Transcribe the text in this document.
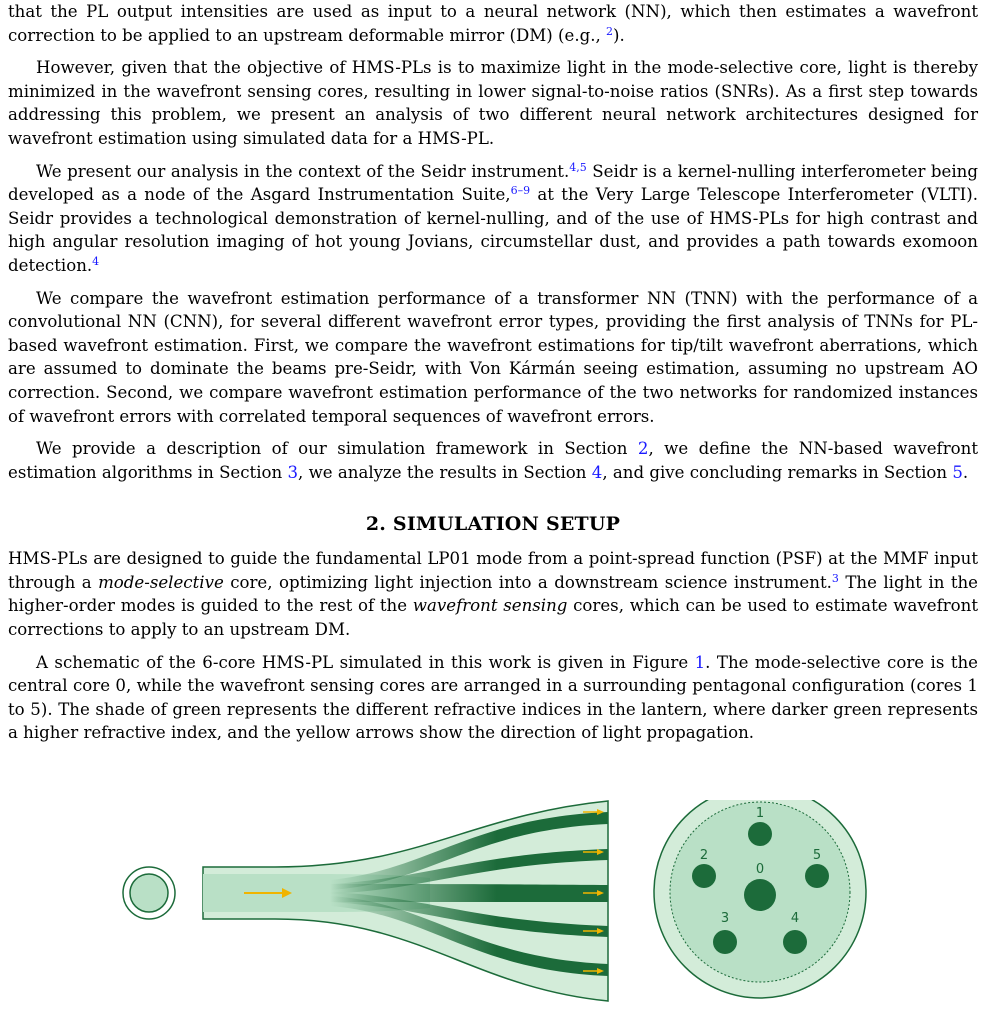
that the PL output intensities are used as input to a neural network (NN), which then estimates a wavefront correction to be applied to an upstream deformable mirror (DM) (e.g., $^2$).

However, given that the objective of HMS-PLs is to maximize light in the mode-selective core, light is thereby minimized in the wavefront sensing cores, resulting in lower signal-to-noise ratios (SNRs). As a first step towards addressing this problem, we present an analysis of two different neural network architectures designed for wavefront estimation using simulated data for a HMS-PL.

We present our analysis in the context of the Seidr instrument.$^{4,5}$ Seidr is a kernel-nulling interferometer being developed as a node of the Asgard Instrumentation Suite,$^{6-9}$ at the Very Large Telescope Interferometer (VLTI). Seidr provides a technological demonstration of kernel-nulling, and of the use of HMS-PLs for high contrast and high angular resolution imaging of hot young Jovians, circumstellar dust, and provides a path towards exomoon detection.$^4$

We compare the wavefront estimation performance of a transformer NN (TNN) with the performance of a convolutional NN (CNN), for several different wavefront error types, providing the first analysis of TNNs for PL-based wavefront estimation. First, we compare the wavefront estimations for tip/tilt wavefront aberrations, which are assumed to dominate the beams pre-Seidr, with Von Kármán seeing estimation, assuming no upstream AO correction. Second, we compare wavefront estimation performance of the two networks for randomized instances of wavefront errors with correlated temporal sequences of wavefront errors.

We provide a description of our simulation framework in Section 2, we define the NN-based wavefront estimation algorithms in Section 3, we analyze the results in Section 4, and give concluding remarks in Section 5.

2. SIMULATION SETUP

HMS-PLs are designed to guide the fundamental LP01 mode from a point-spread function (PSF) at the MMF input through a mode-selective core, optimizing light injection into a downstream science instrument.$^3$ The light in the higher-order modes is guided to the rest of the wavefront sensing cores, which can be used to estimate wavefront corrections to apply to an upstream DM.

A schematic of the 6-core HMS-PL simulated in this work is given in Figure 1. The mode-selective core is the central core 0, while the wavefront sensing cores are arranged in a surrounding pentagonal configuration (cores 1 to 5). The shade of green represents the different refractive indices in the lantern, where darker green represents a higher refractive index, and the yellow arrows show the direction of light propagation.

0
1
2
3	4
5
